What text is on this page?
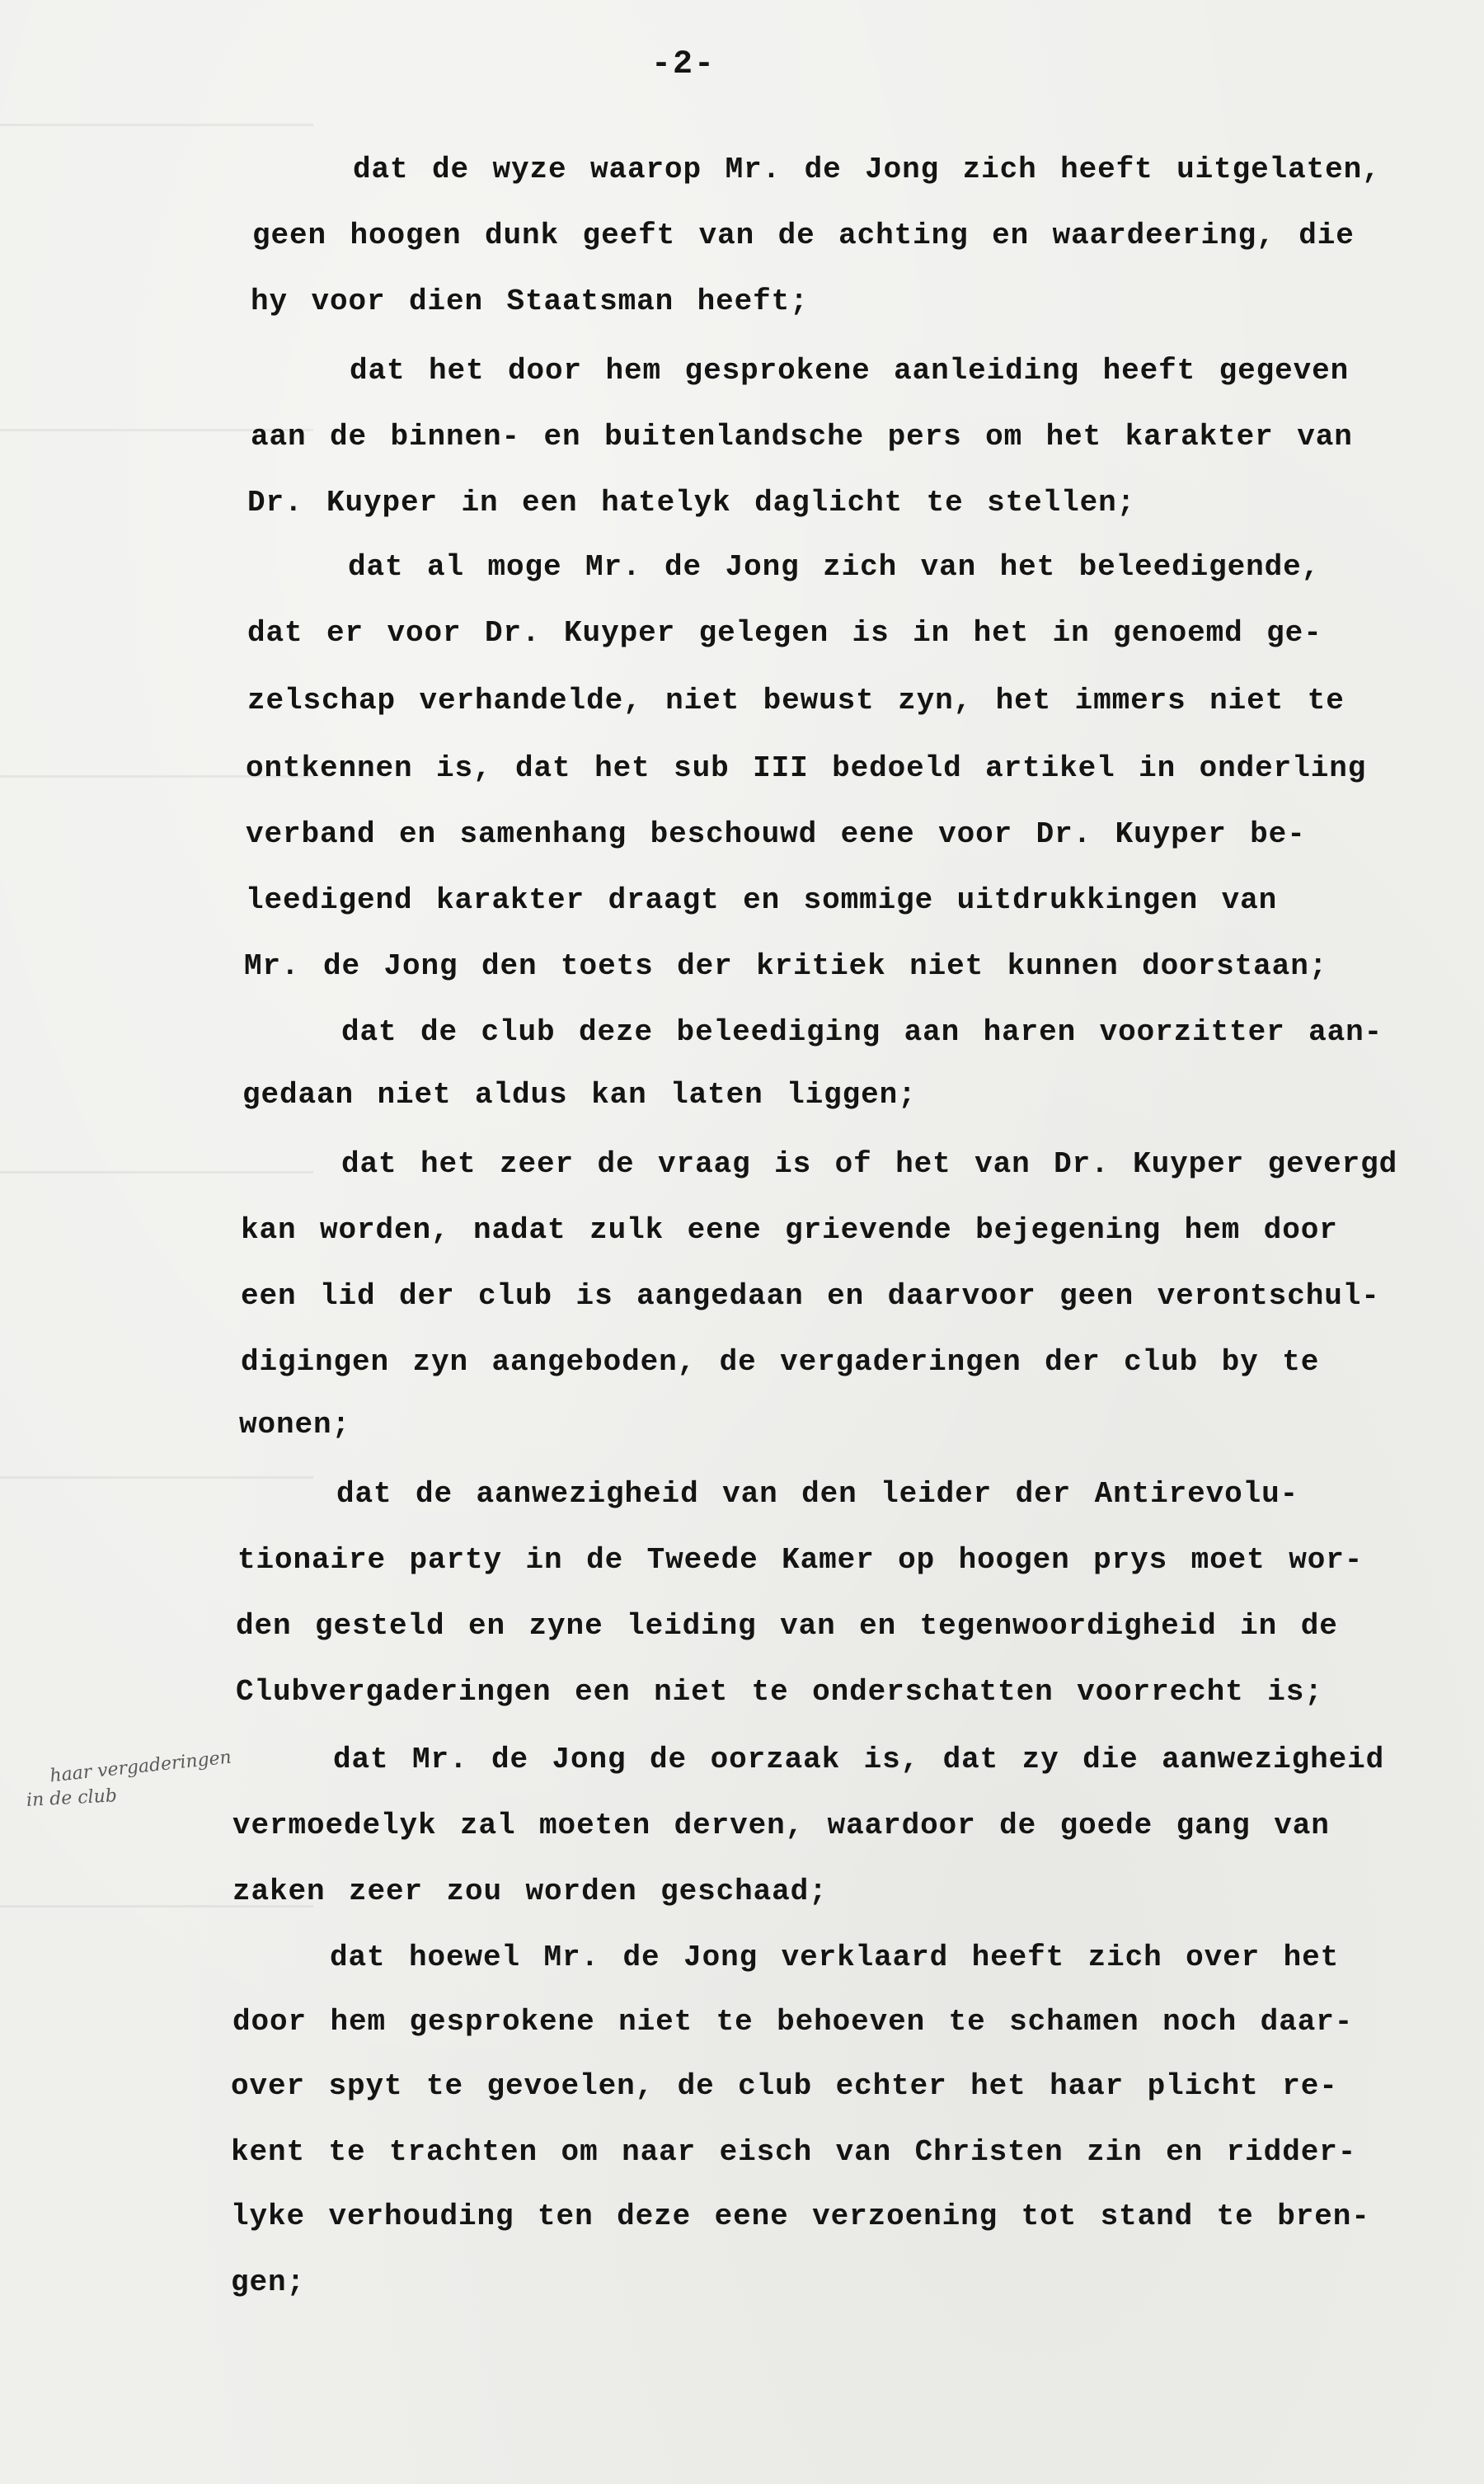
-2-
dat de wyze waarop Mr. de Jong zich heeft uitgelaten,
geen hoogen dunk geeft van de achting en waardeering, die
hy voor dien Staatsman heeft;
dat het door hem gesprokene aanleiding heeft gegeven
aan de binnen- en buitenlandsche pers om het karakter van
Dr. Kuyper in een hatelyk daglicht te stellen;
dat al moge Mr. de Jong zich van het beleedigende,
dat er voor Dr. Kuyper gelegen is in het in genoemd ge-
zelschap verhandelde, niet bewust zyn, het immers niet te
ontkennen is, dat het sub III bedoeld artikel in onderling
verband en samenhang beschouwd eene voor Dr. Kuyper be-
leedigend karakter draagt en sommige uitdrukkingen van
Mr. de Jong den toets der kritiek niet kunnen doorstaan;
dat de club deze beleediging aan haren voorzitter aan-
gedaan niet aldus kan laten liggen;
dat het zeer de vraag is of het van Dr. Kuyper gevergd
kan worden, nadat zulk eene grievende bejegening hem door
een lid der club is aangedaan en daarvoor geen verontschul-
digingen zyn aangeboden, de vergaderingen der club by te
wonen;
dat de aanwezigheid van den leider der Antirevolu-
tionaire party in de Tweede Kamer op hoogen prys moet wor-
den gesteld en zyne leiding van en tegenwoordigheid in de
Clubvergaderingen een niet te onderschatten voorrecht is;
dat Mr. de Jong de oorzaak is, dat zy die aanwezigheid
vermoedelyk zal moeten derven, waardoor de goede gang van
zaken zeer zou worden geschaad;
dat hoewel Mr. de Jong verklaard heeft zich over het
door hem gesprokene niet te behoeven te schamen noch daar-
over spyt te gevoelen, de club echter het haar plicht re-
kent te trachten om naar eisch van Christen zin en ridder-
lyke verhouding ten deze eene verzoening tot stand te bren-
gen;
haar vergaderingen
in de club
